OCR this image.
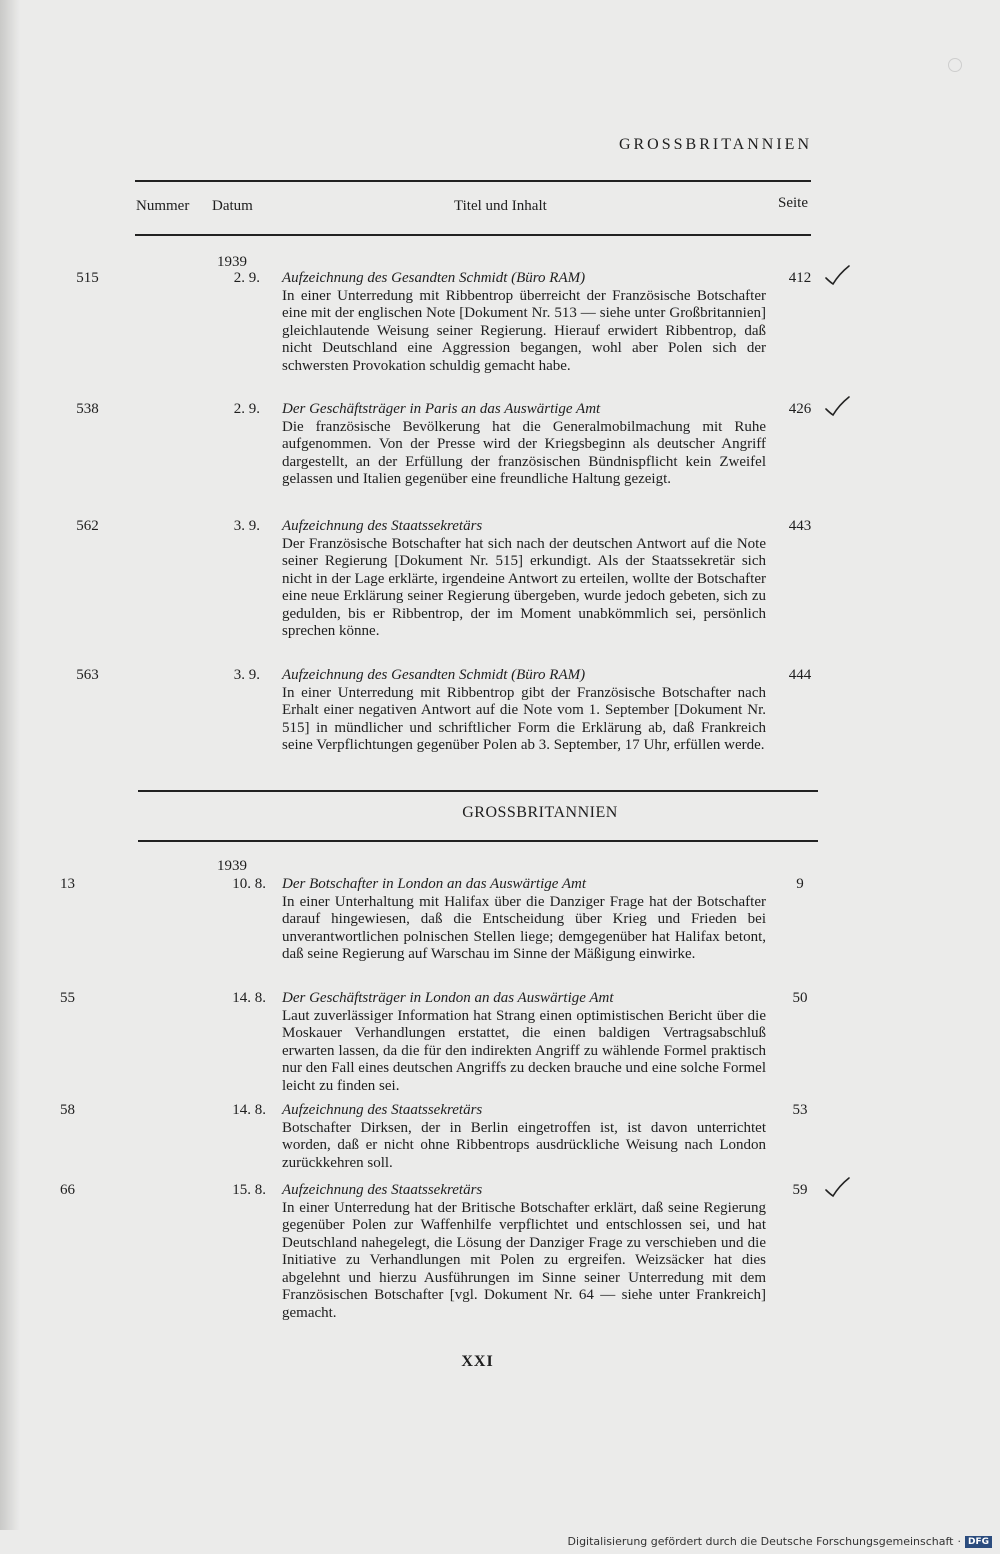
GROSSBRITANNIEN
Nummer Datum	Titel und Inhalt	Seite
1939
515	2. 9. Aufzeichnung des Gesandten Schmidt (Büro RAM)
In einer Unterredung mit Ribbentrop überreicht der Französische Botschafter eine mit der englischen Note [Dokument Nr. 513 — siehe unter Großbritannien] gleichlautende Weisung seiner Regierung. Hierauf erwidert Ribbentrop, daß nicht Deutschland eine Aggression begangen, wohl aber Polen sich der schwersten Provokation schuldig gemacht habe.
412
538	2. 9. Der Geschäftsträger in Paris an das Auswärtige Amt
Die französische Bevölkerung hat die Generalmobilmachung mit Ruhe aufgenommen. Von der Presse wird der Kriegsbeginn als deutscher Angriff dargestellt, an der Erfüllung der französischen Bündnispflicht kein Zweifel gelassen und Italien gegenüber eine freundliche Haltung gezeigt.
426
562	3. 9. Aufzeichnung des Staatssekretärs
Der Französische Botschafter hat sich nach der deutschen Antwort auf die Note seiner Regierung [Dokument Nr. 515] erkundigt. Als der Staatssekretär sich nicht in der Lage erklärte, irgendeine Antwort zu erteilen, wollte der Botschafter eine neue Erklärung seiner Regierung übergeben, wurde jedoch gebeten, sich zu gedulden, bis er Ribbentrop, der im Moment unabkömmlich sei, persönlich sprechen könne.
443
563	3. 9. Aufzeichnung des Gesandten Schmidt (Büro RAM)
In einer Unterredung mit Ribbentrop gibt der Französische Botschafter nach Erhalt einer negativen Antwort auf die Note vom 1. September [Dokument Nr. 515] in mündlicher und schriftlicher Form die Erklärung ab, daß Frankreich seine Verpflichtungen gegenüber Polen ab 3. September, 17 Uhr, erfüllen werde.
444
GROSSBRITANNIEN
1939
13	10. 8. Der Botschafter in London an das Auswärtige Amt
In einer Unterhaltung mit Halifax über die Danziger Frage hat der Botschafter darauf hingewiesen, daß die Entscheidung über Krieg und Frieden bei unverantwortlichen polnischen Stellen liege; demgegenüber hat Halifax betont, daß seine Regierung auf Warschau im Sinne der Mäßigung einwirke.
9
55	14. 8. Der Geschäftsträger in London an das Auswärtige Amt
Laut zuverlässiger Information hat Strang einen optimistischen Bericht über die Moskauer Verhandlungen erstattet, die einen baldigen Vertragsabschluß erwarten lassen, da die für den indirekten Angriff zu wählende Formel praktisch nur den Fall eines deutschen Angriffs zu decken brauche und eine solche Formel leicht zu finden sei.
50
58	14. 8. Aufzeichnung des Staatssekretärs
Botschafter Dirksen, der in Berlin eingetroffen ist, ist davon unterrichtet worden, daß er nicht ohne Ribbentrops ausdrückliche Weisung nach London zurückkehren soll.
53
66	15. 8. Aufzeichnung des Staatssekretärs
In einer Unterredung hat der Britische Botschafter erklärt, daß seine Regierung gegenüber Polen zur Waffenhilfe verpflichtet und entschlossen sei, und hat Deutschland nahegelegt, die Lösung der Danziger Frage zu verschieben und die Initiative zu Verhandlungen mit Polen zu ergreifen. Weizsäcker hat dies abgelehnt und hierzu Ausführungen im Sinne seiner Unterredung mit dem Französischen Botschafter [vgl. Dokument Nr. 64 — siehe unter Frankreich] gemacht.
59
XXI
Digitalisierung gefördert durch die Deutsche Forschungsgemeinschaft · DFG
